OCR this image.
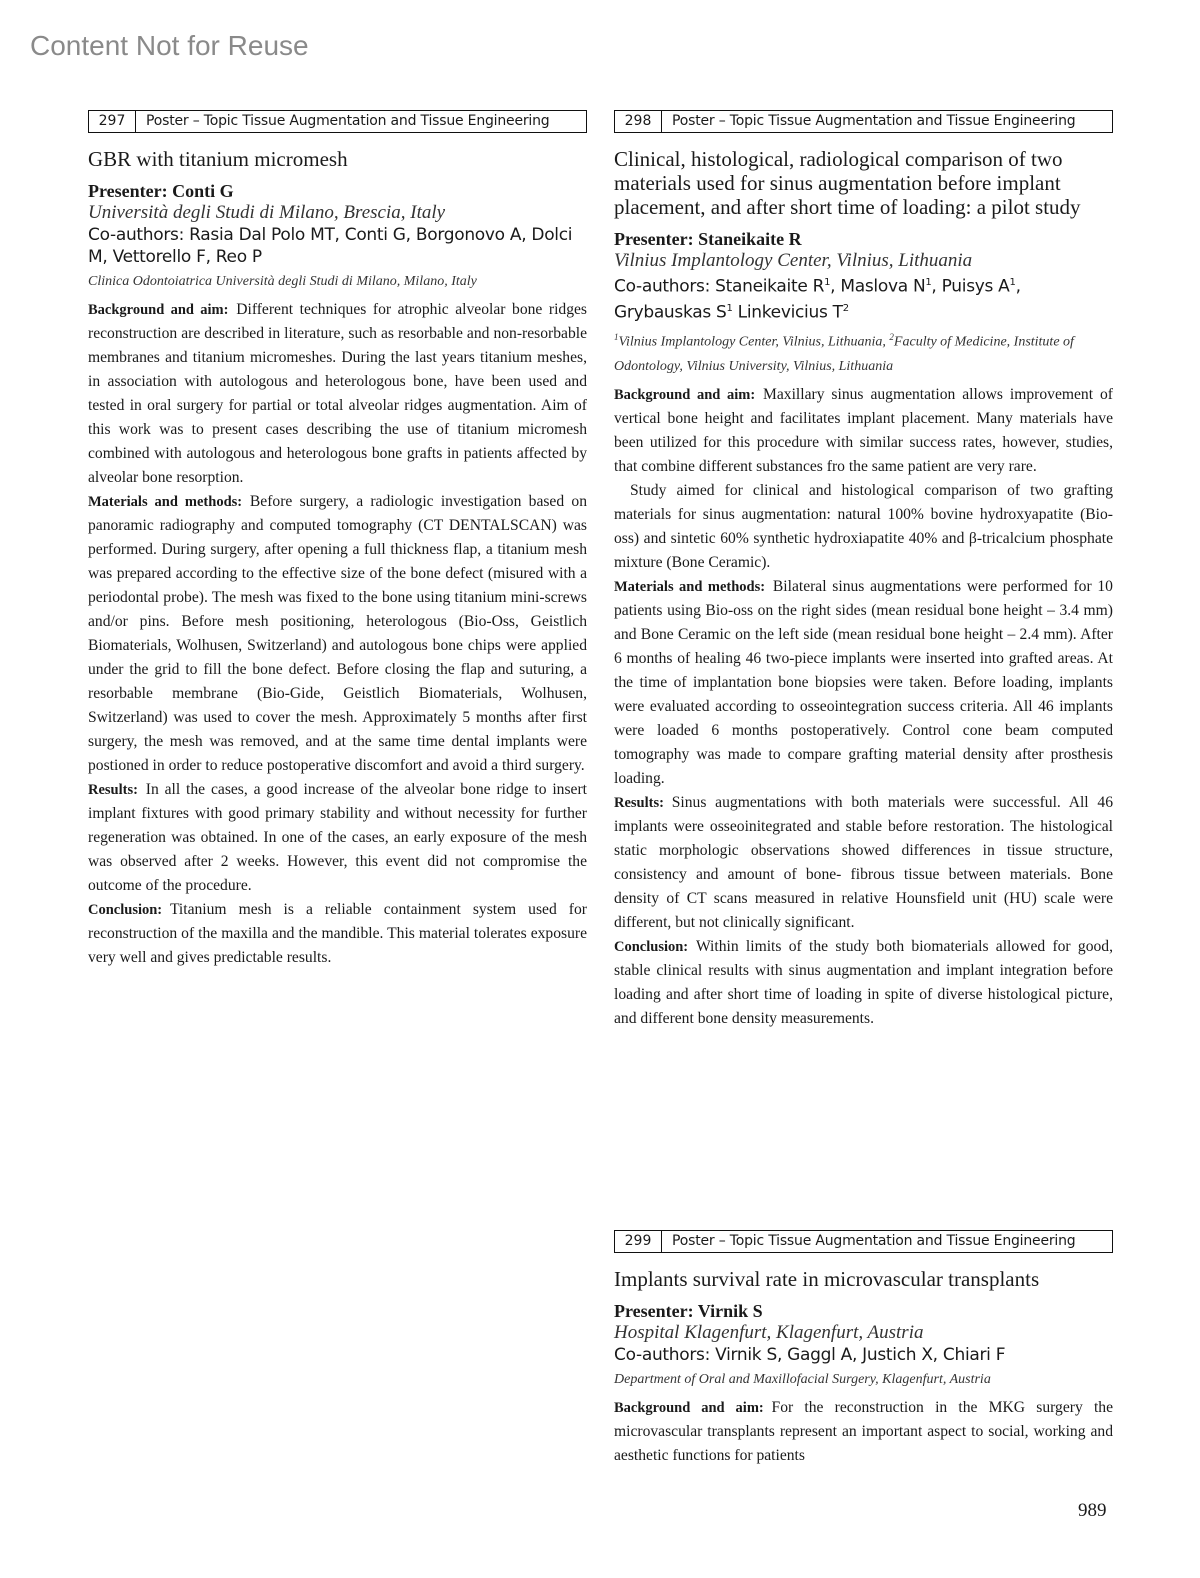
Content Not for Reuse
297	Poster – Topic Tissue Augmentation and Tissue Engineering
GBR with titanium micromesh
Presenter: Conti G
Università degli Studi di Milano, Brescia, Italy
Co-authors: Rasia Dal Polo MT, Conti G, Borgonovo A, Dolci M, Vettorello F, Reo P
Clinica Odontoiatrica Università degli Studi di Milano, Milano, Italy
Background and aim:  Different techniques for atrophic alveolar bone ridges reconstruction are described in literature, such as resorbable and non-resorbable membranes and titanium micromeshes. During the last years titanium meshes, in association with autologous and heterologous bone, have been used and tested in oral surgery for partial or total alveolar ridges augmentation. Aim of this work was to present cases describing the use of titanium micromesh combined with autologous and heterologous bone grafts in patients affected by alveolar bone resorption.
Materials and methods:  Before surgery, a radiologic investigation based on panoramic radiography and computed tomography (CT DENTALSCAN) was performed. During surgery, after opening a full thickness flap, a titanium mesh was prepared according to the effective size of the bone defect (misured with a periodontal probe). The mesh was fixed to the bone using titanium mini-screws and/or pins. Before mesh positioning, heterologous (Bio-Oss, Geistlich Biomaterials, Wolhusen, Switzerland) and autologous bone chips were applied under the grid to fill the bone defect. Before closing the flap and suturing, a resorbable membrane (Bio-Gide, Geistlich Biomaterials, Wolhusen, Switzerland) was used to cover the mesh. Approximately 5 months after first surgery, the mesh was removed, and at the same time dental implants were postioned in order to reduce postoperative discomfort and avoid a third surgery.
Results:  In all the cases, a good increase of the alveolar bone ridge to insert implant fixtures with good primary stability and without necessity for further regeneration was obtained. In one of the cases, an early exposure of the mesh was observed after 2 weeks. However, this event did not compromise the outcome of the procedure.
Conclusion:  Titanium mesh is a reliable containment system used for reconstruction of the maxilla and the mandible. This material tolerates exposure very well and gives predictable results.
298	Poster – Topic Tissue Augmentation and Tissue Engineering
Clinical, histological, radiological comparison of two materials used for sinus augmentation before implant placement, and after short time of loading: a pilot study
Presenter: Staneikaite R
Vilnius Implantology Center, Vilnius, Lithuania
Co-authors: Staneikaite $R^1$, Maslova $N^1$, Puisys $A^1$, Grybauskas $S^1$ Linkevicius $T^2$
$^1$Vilnius Implantology Center, Vilnius, Lithuania, $^2$Faculty of Medicine, Institute of Odontology, Vilnius University, Vilnius, Lithuania
Background and aim:  Maxillary sinus augmentation allows improvement of vertical bone height and facilitates implant placement. Many materials have been utilized for this procedure with similar success rates, however, studies, that combine different substances fro the same patient are very rare.
Study aimed for clinical and histological comparison of two grafting materials for sinus augmentation: natural 100% bovine hydroxyapatite (Bio-oss) and sintetic 60% synthetic hydroxiapatite 40% and β-tricalcium phosphate mixture (Bone Ceramic).
Materials and methods:  Bilateral sinus augmentations were performed for 10 patients using Bio-oss on the right sides (mean residual bone height – 3.4 mm) and Bone Ceramic on the left side (mean residual bone height – 2.4 mm). After 6 months of healing 46 two-piece implants were inserted into grafted areas. At the time of implantation bone biopsies were taken. Before loading, implants were evaluated according to osseointegration success criteria. All 46 implants were loaded 6 months postoperatively. Control cone beam computed tomography was made to compare grafting material density after prosthesis loading.
Results:  Sinus augmentations with both materials were successful. All 46 implants were osseoinitegrated and stable before restoration. The histological static morphologic observations showed differences in tissue structure, consistency and amount of bone- fibrous tissue between materials. Bone density of CT scans measured in relative Hounsfield unit (HU) scale were different, but not clinically significant.
Conclusion:  Within limits of the study both biomaterials allowed for good, stable clinical results with sinus augmentation and implant integration before loading and after short time of loading in spite of diverse histological picture, and different bone density measurements.
299	Poster – Topic Tissue Augmentation and Tissue Engineering
Implants survival rate in microvascular transplants
Presenter: Virnik S
Hospital Klagenfurt, Klagenfurt, Austria
Co-authors: Virnik S, Gaggl A, Justich X, Chiari F
Department of Oral and Maxillofacial Surgery, Klagenfurt, Austria
Background and aim:  For the reconstruction in the MKG surgery the microvascular transplants represent an important aspect to social, working and aesthetic functions for patients
989
